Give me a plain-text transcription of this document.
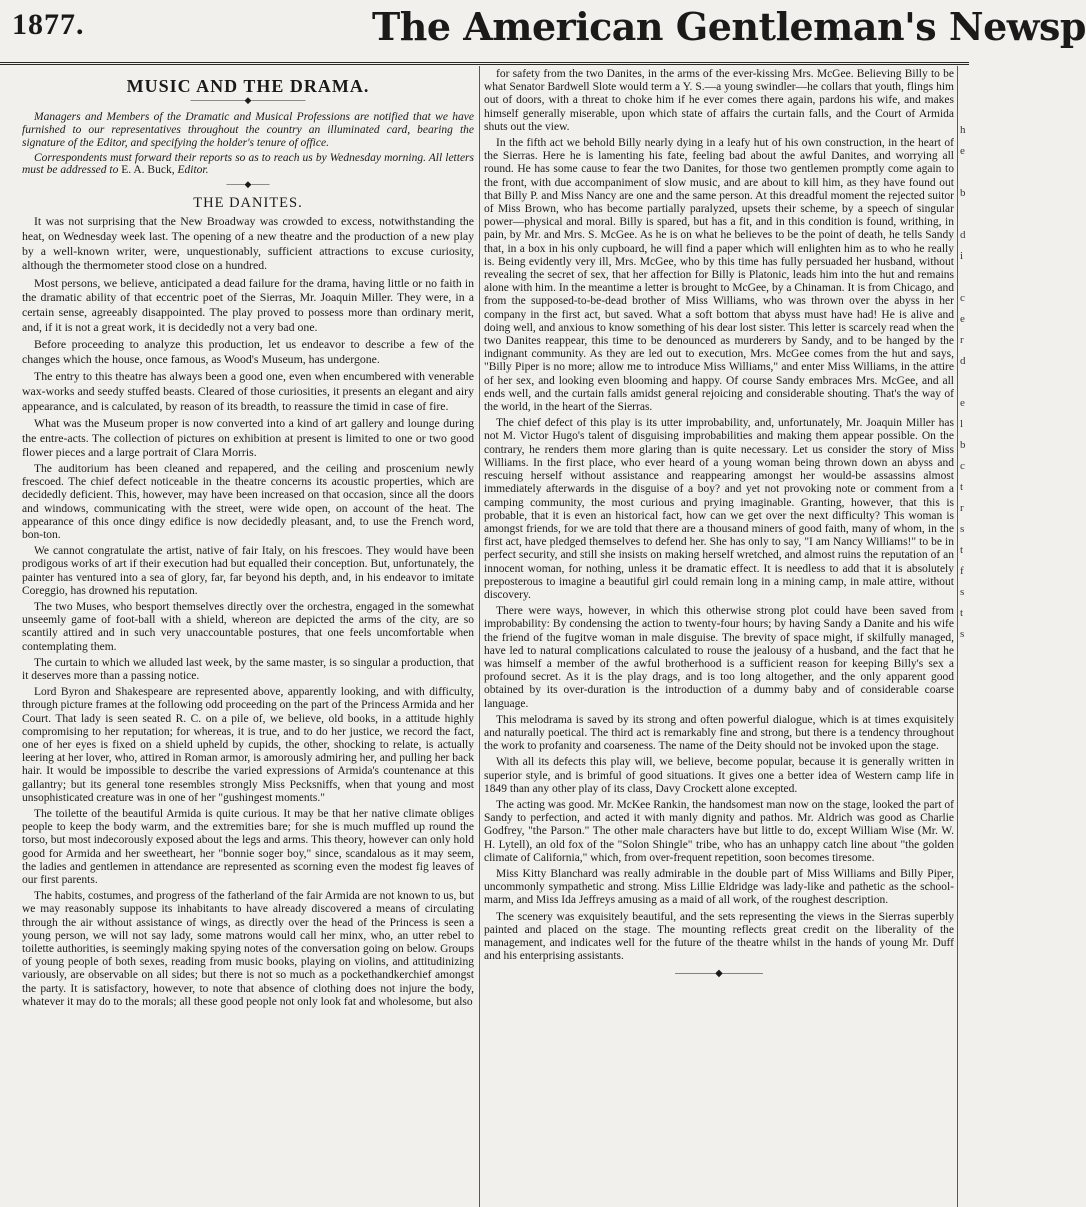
1877.	The American Gentleman's Newsp
MUSIC AND THE DRAMA.
——————◆——————
Managers and Members of the Dramatic and Musical Professions are notified that we have furnished to our representatives throughout the country an illuminated card, bearing the signature of the Editor, and specifying the holder's tenure of office.
Correspondents must forward their reports so as to reach us by Wednesday morning. All letters must be addressed to E. A. Buck, Editor.
——◆——
THE DANITES.

It was not surprising that the New Broadway was crowded to excess, notwithstanding the heat, on Wednesday week last. The opening of a new theatre and the production of a new play by a well-known writer, were, unquestionably, sufficient attractions to excuse curiosity, although the thermometer stood close on a hundred.

Most persons, we believe, anticipated a dead failure for the drama, having little or no faith in the dramatic ability of that eccentric poet of the Sierras, Mr. Joaquin Miller. They were, in a certain sense, agreeably disappointed. The play proved to possess more than ordinary merit, and, if it is not a great work, it is decidedly not a very bad one.

Before proceeding to analyze this production, let us endeavor to describe a few of the changes which the house, once famous, as Wood's Museum, has undergone.

The entry to this theatre has always been a good one, even when encumbered with venerable wax-works and seedy stuffed beasts. Cleared of those curiosities, it presents an elegant and airy appearance, and is calculated, by reason of its breadth, to reassure the timid in case of fire.

What was the Museum proper is now converted into a kind of art gallery and lounge during the entre-acts. The collection of pictures on exhibition at present is limited to one or two good flower pieces and a large portrait of Clara Morris.

The auditorium has been cleaned and repapered, and the ceiling and proscenium newly frescoed. The chief defect noticeable in the theatre concerns its acoustic properties, which are decidedly deficient. This, however, may have been increased on that occasion, since all the doors and windows, communicating with the street, were wide open, on account of the heat. The appearance of this once dingy edifice is now decidedly pleasant, and, to use the French word, bon-ton.

We cannot congratulate the artist, native of fair Italy, on his frescoes. They would have been prodigous works of art if their execution had but equalled their conception. But, unfortunately, the painter has ventured into a sea of glory, far, far beyond his depth, and, in his endeavor to imitate Coreggio, has drowned his reputation.

The two Muses, who besport themselves directly over the orchestra, engaged in the somewhat unseemly game of foot-ball with a shield, whereon are depicted the arms of the city, are so scantily attired and in such very unaccountable postures, that one feels uncomfortable when contemplating them.

The curtain to which we alluded last week, by the same master, is so singular a production, that it deserves more than a passing notice.

Lord Byron and Shakespeare are represented above, apparently looking, and with difficulty, through picture frames at the following odd proceeding on the part of the Princess Armida and her Court. That lady is seen seated R. C. on a pile of, we believe, old books, in a attitude highly compromising to her reputation; for whereas, it is true, and to do her justice, we record the fact, one of her eyes is fixed on a shield upheld by cupids, the other, shocking to relate, is actually leering at her lover, who, attired in Roman armor, is amorously admiring her, and pulling her back hair. It would be impossible to describe the varied expressions of Armida's countenance at this gallantry; but its general tone resembles strongly Miss Pecksniffs, when that young and most unsophisticated creature was in one of her "gushingest moments."

The toilette of the beautiful Armida is quite curious. It may be that her native climate obliges people to keep the body warm, and the extremities bare; for she is much muffled up round the torso, but most indecorously exposed about the legs and arms. This theory, however can only hold good for Armida and her sweetheart, her "bonnie soger boy," since, scandalous as it may seem, the ladies and gentlemen in attendance are represented as scorning even the modest fig leaves of our first parents.

The habits, costumes, and progress of the fatherland of the fair Armida are not known to us, but we may reasonably suppose its inhabitants to have already discovered a means of circulating through the air without assistance of wings, as directly over the head of the Princess is seen a young person, we will not say lady, some matrons would call her minx, who, an utter rebel to toilette authorities, is seemingly making spying notes of the conversation going on below. Groups of young people of both sexes, reading from music books, playing on violins, and attitudinizing variously, are observable on all sides; but there is not so much as a pockethandkerchief amongst the party. It is satisfactory, however, to note that absence of clothing does not injure the body, whatever it may do to the morals; all these good people not only look fat and wholesome, but also

for safety from the two Danites, in the arms of the ever-kissing Mrs. McGee. Believing Billy to be what Senator Bardwell Slote would term a Y. S.—a young swindler—he collars that youth, flings him out of doors, with a threat to choke him if he ever comes there again, pardons his wife, and makes himself generally miserable, upon which state of affairs the curtain falls, and the Court of Armida shuts out the view.

In the fifth act we behold Billy nearly dying in a leafy hut of his own construction, in the heart of the Sierras. Here he is lamenting his fate, feeling bad about the awful Danites, and worrying all round. He has some cause to fear the two Danites, for those two gentlemen promptly come again to the front, with due accompaniment of slow music, and are about to kill him, as they have found out that Billy P. and Miss Nancy are one and the same person. At this dreadful moment the rejected suitor of Miss Brown, who has become partially paralyzed, upsets their scheme, by a speech of singular power—physical and moral. Billy is spared, but has a fit, and in this condition is found, writhing, in pain, by Mr. and Mrs. S. McGee. As he is on what he believes to be the point of death, he tells Sandy that, in a box in his only cupboard, he will find a paper which will enlighten him as to who he really is. Being evidently very ill, Mrs. McGee, who by this time has fully persuaded her husband, without revealing the secret of sex, that her affection for Billy is Platonic, leads him into the hut and remains alone with him. In the meantime a letter is brought to McGee, by a Chinaman. It is from Chicago, and from the supposed-to-be-dead brother of Miss Williams, who was thrown over the abyss in her company in the first act, but saved. What a soft bottom that abyss must have had! He is alive and doing well, and anxious to know something of his dear lost sister. This letter is scarcely read when the two Danites reappear, this time to be denounced as murderers by Sandy, and to be hanged by the indignant community. As they are led out to execution, Mrs. McGee comes from the hut and says, "Billy Piper is no more; allow me to introduce Miss Williams," and enter Miss Williams, in the attire of her sex, and looking even blooming and happy. Of course Sandy embraces Mrs. McGee, and all ends well, and the curtain falls amidst general rejoicing and considerable shouting. That's the way of the world, in the heart of the Sierras.

The chief defect of this play is its utter improbability, and, unfortunately, Mr. Joaquin Miller has not M. Victor Hugo's talent of disguising improbabilities and making them appear possible. On the contrary, he renders them more glaring than is quite necessary. Let us consider the story of Miss Williams. In the first place, who ever heard of a young woman being thrown down an abyss and rescuing herself without assistance and reappearing amongst her would-be assassins almost immediately afterwards in the disguise of a boy? and yet not provoking note or comment from a camping community, the most curious and prying imaginable. Granting, however, that this is probable, that it is even an historical fact, how can we get over the next difficulty? This woman is amongst friends, for we are told that there are a thousand miners of good faith, many of whom, in the first act, have pledged themselves to defend her. She has only to say, "I am Nancy Williams!" to be in perfect security, and still she insists on making herself wretched, and almost ruins the reputation of an innocent woman, for nothing, unless it be dramatic effect. It is needless to add that it is absolutely preposterous to imagine a beautiful girl could remain long in a mining camp, in male attire, without discovery.

There were ways, however, in which this otherwise strong plot could have been saved from improbability: By condensing the action to twenty-four hours; by having Sandy a Danite and his wife the friend of the fugitve woman in male disguise. The brevity of space might, if skilfully managed, have led to natural complications calculated to rouse the jealousy of a husband, and the fact that he was himself a member of the awful brotherhood is a sufficient reason for keeping Billy's sex a profound secret. As it is the play drags, and is too long altogether, and the only apparent good obtained by its over-duration is the introduction of a dummy baby and of considerable coarse language.

This melodrama is saved by its strong and often powerful dialogue, which is at times exquisitely and naturally poetical. The third act is remarkably fine and strong, but there is a tendency throughout the work to profanity and coarseness. The name of the Deity should not be invoked upon the stage.

With all its defects this play will, we believe, become popular, because it is generally written in superior style, and is brimful of good situations. It gives one a better idea of Western camp life in 1849 than any other play of its class, Davy Crockett alone excepted.

The acting was good. Mr. McKee Rankin, the handsomest man now on the stage, looked the part of Sandy to perfection, and acted it with manly dignity and pathos. Mr. Aldrich was good as Charlie Godfrey, "the Parson." The other male characters have but little to do, except William Wise (Mr. W. H. Lytell), an old fox of the "Solon Shingle" tribe, who has an unhappy catch line about "the golden climate of California," which, from over-frequent repetition, soon becomes tiresome.

Miss Kitty Blanchard was really admirable in the double part of Miss Williams and Billy Piper, uncommonly sympathetic and strong. Miss Lillie Eldridge was lady-like and pathetic as the school-marm, and Miss Ida Jeffreys amusing as a maid of all work, of the roughest description.

The scenery was exquisitely beautiful, and the sets representing the views in the Sierras superbly painted and placed on the stage. The mounting reflects great credit on the liberality of the management, and indicates well for the future of the theatre whilst in the hands of young Mr. Duff and his enterprising assistants.

————◆————
h
e

b

d
i

c
e
r
d

e
l
b
c
t
r
s
t
f
s
t
s
